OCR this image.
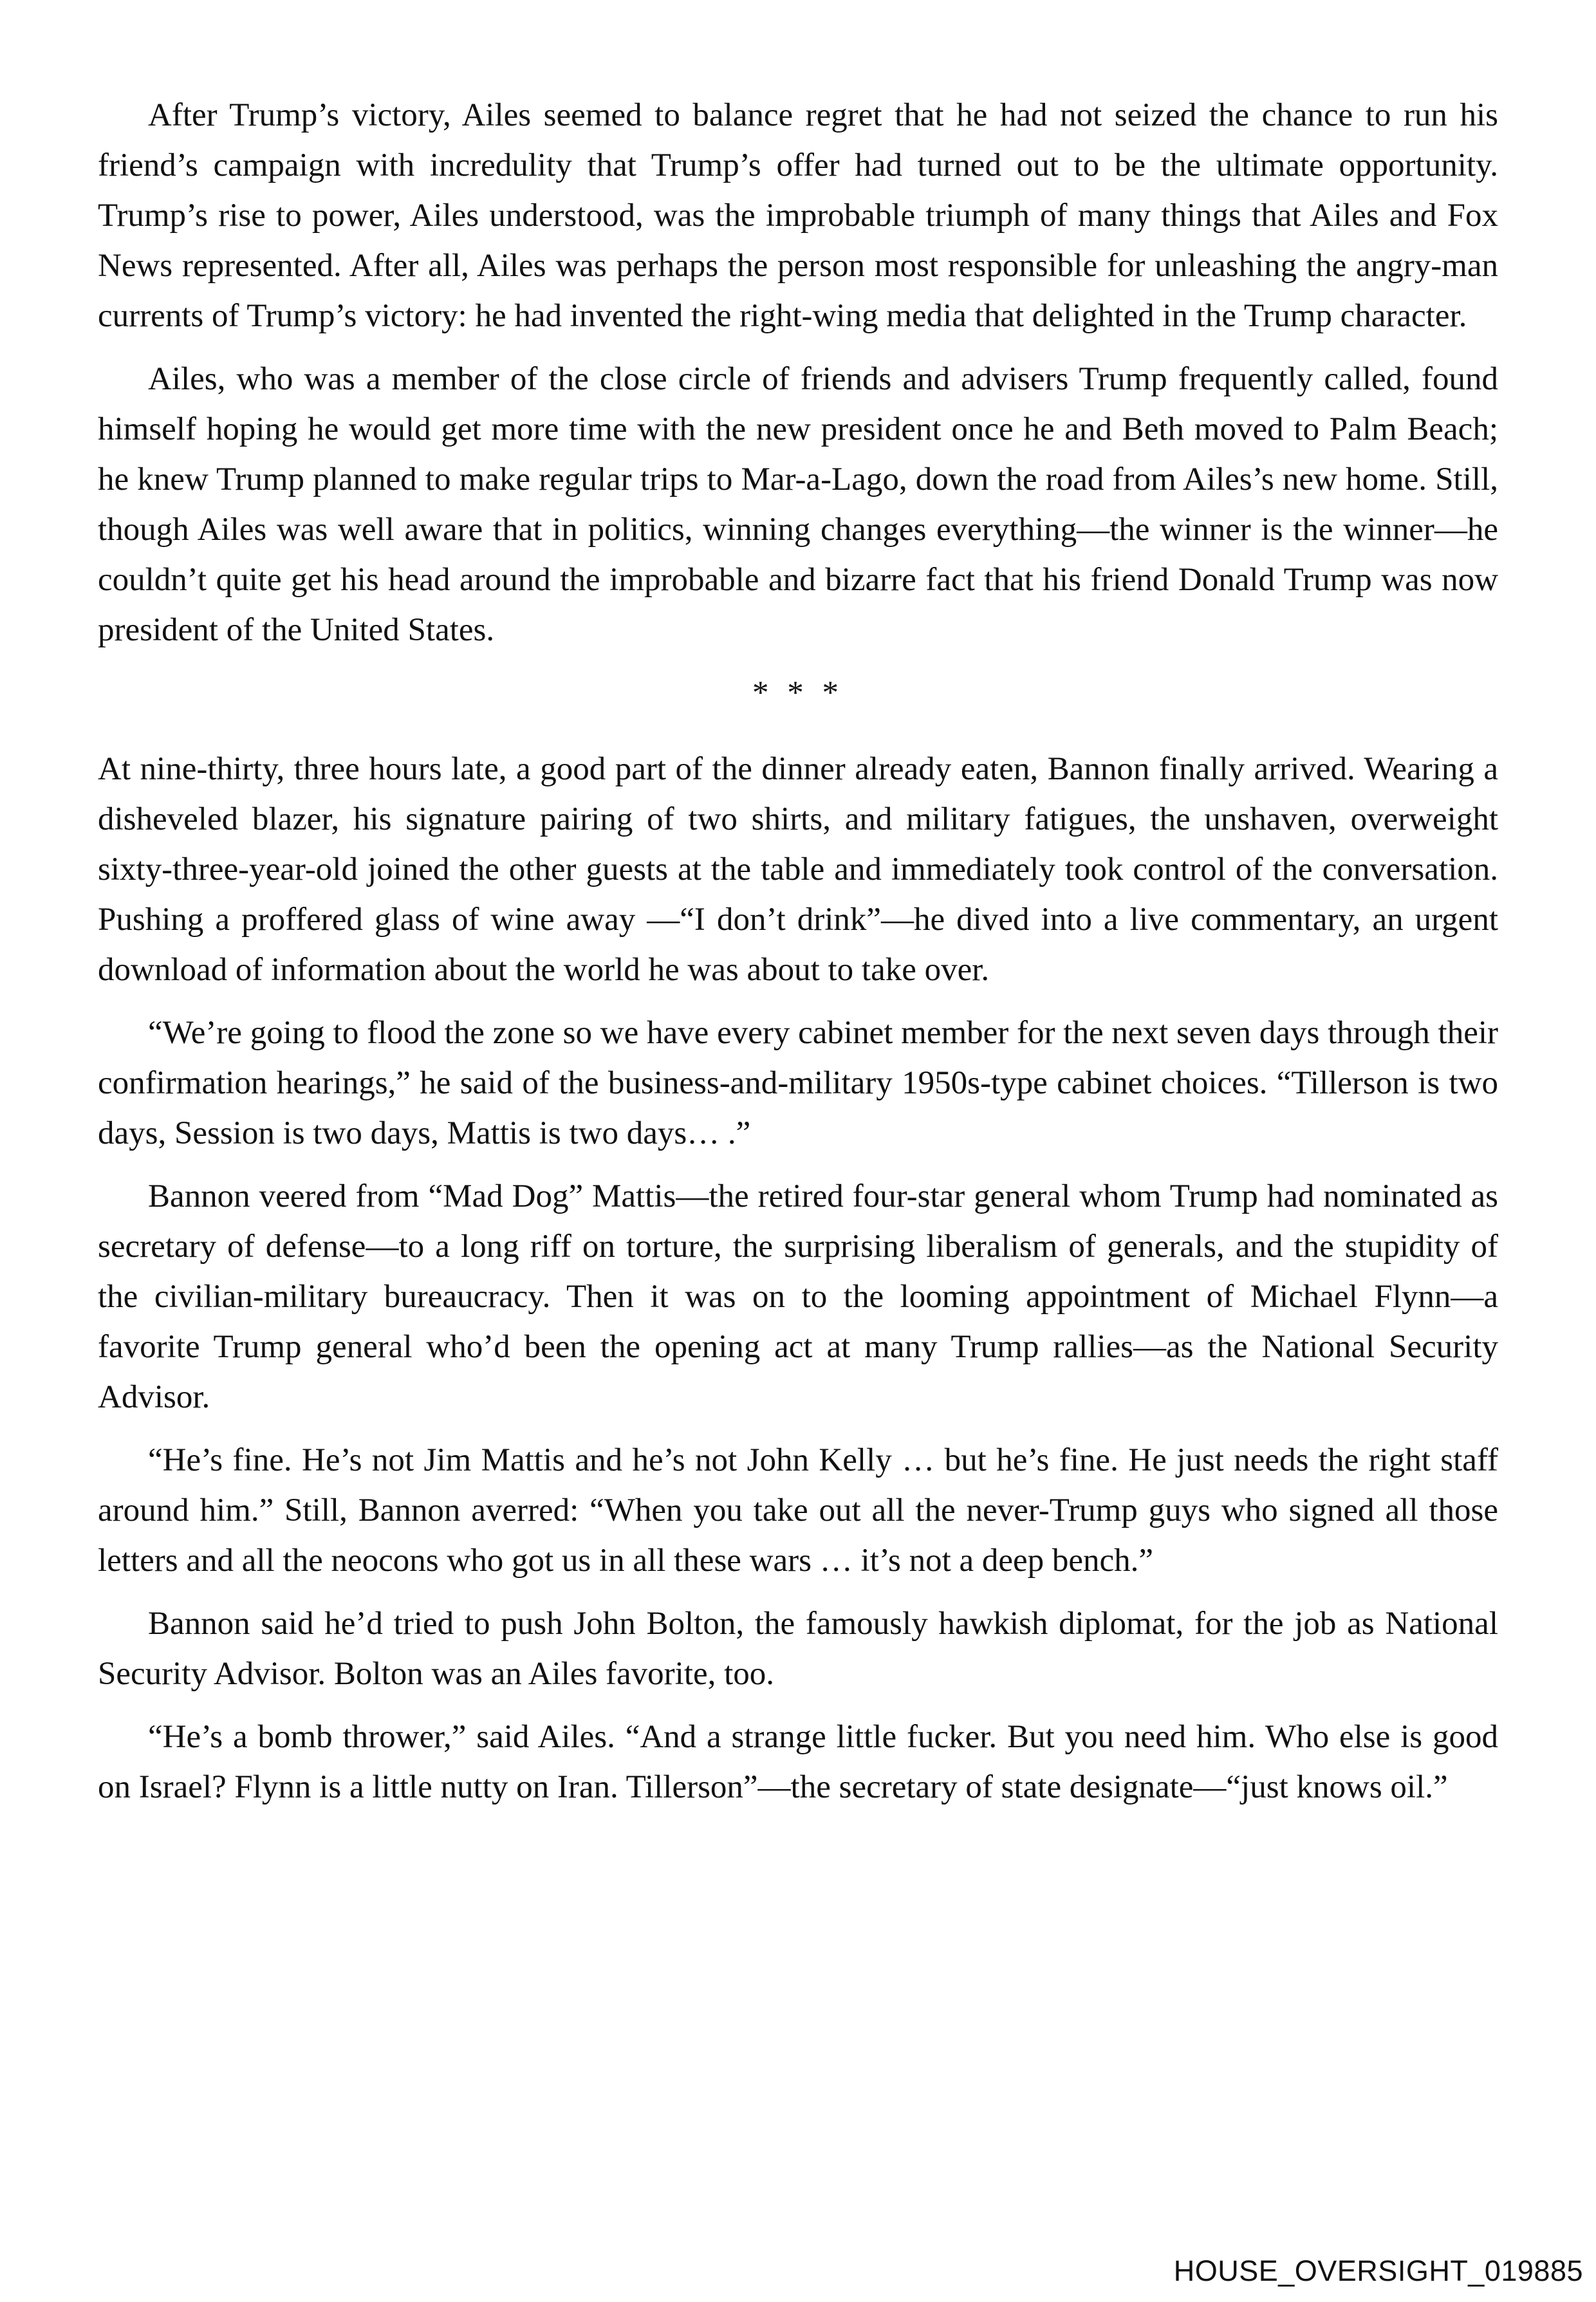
After Trump’s victory, Ailes seemed to balance regret that he had not seized the chance to run his friend’s campaign with incredulity that Trump’s offer had turned out to be the ultimate opportunity. Trump’s rise to power, Ailes understood, was the improbable triumph of many things that Ailes and Fox News represented. After all, Ailes was perhaps the person most responsible for unleashing the angry-man currents of Trump’s victory: he had invented the right-wing media that delighted in the Trump character.

Ailes, who was a member of the close circle of friends and advisers Trump frequently called, found himself hoping he would get more time with the new president once he and Beth moved to Palm Beach; he knew Trump planned to make regular trips to Mar-a-Lago, down the road from Ailes’s new home. Still, though Ailes was well aware that in politics, winning changes everything—the winner is the winner—he couldn’t quite get his head around the improbable and bizarre fact that his friend Donald Trump was now president of the United States.

* * *

At nine-thirty, three hours late, a good part of the dinner already eaten, Bannon finally arrived. Wearing a disheveled blazer, his signature pairing of two shirts, and military fatigues, the unshaven, overweight sixty-three-year-old joined the other guests at the table and immediately took control of the conversation. Pushing a proffered glass of wine away —“I don’t drink”—he dived into a live commentary, an urgent download of information about the world he was about to take over.

“We’re going to flood the zone so we have every cabinet member for the next seven days through their confirmation hearings,” he said of the business-and-military 1950s-type cabinet choices. “Tillerson is two days, Session is two days, Mattis is two days… .”

Bannon veered from “Mad Dog” Mattis—the retired four-star general whom Trump had nominated as secretary of defense—to a long riff on torture, the surprising liberalism of generals, and the stupidity of the civilian-military bureaucracy. Then it was on to the looming appointment of Michael Flynn—a favorite Trump general who’d been the opening act at many Trump rallies—as the National Security Advisor.

“He’s fine. He’s not Jim Mattis and he’s not John Kelly … but he’s fine. He just needs the right staff around him.” Still, Bannon averred: “When you take out all the never-Trump guys who signed all those letters and all the neocons who got us in all these wars … it’s not a deep bench.”

Bannon said he’d tried to push John Bolton, the famously hawkish diplomat, for the job as National Security Advisor. Bolton was an Ailes favorite, too.

“He’s a bomb thrower,” said Ailes. “And a strange little fucker. But you need him. Who else is good on Israel? Flynn is a little nutty on Iran. Tillerson”—the secretary of state designate—“just knows oil.”

HOUSE_OVERSIGHT_019885
